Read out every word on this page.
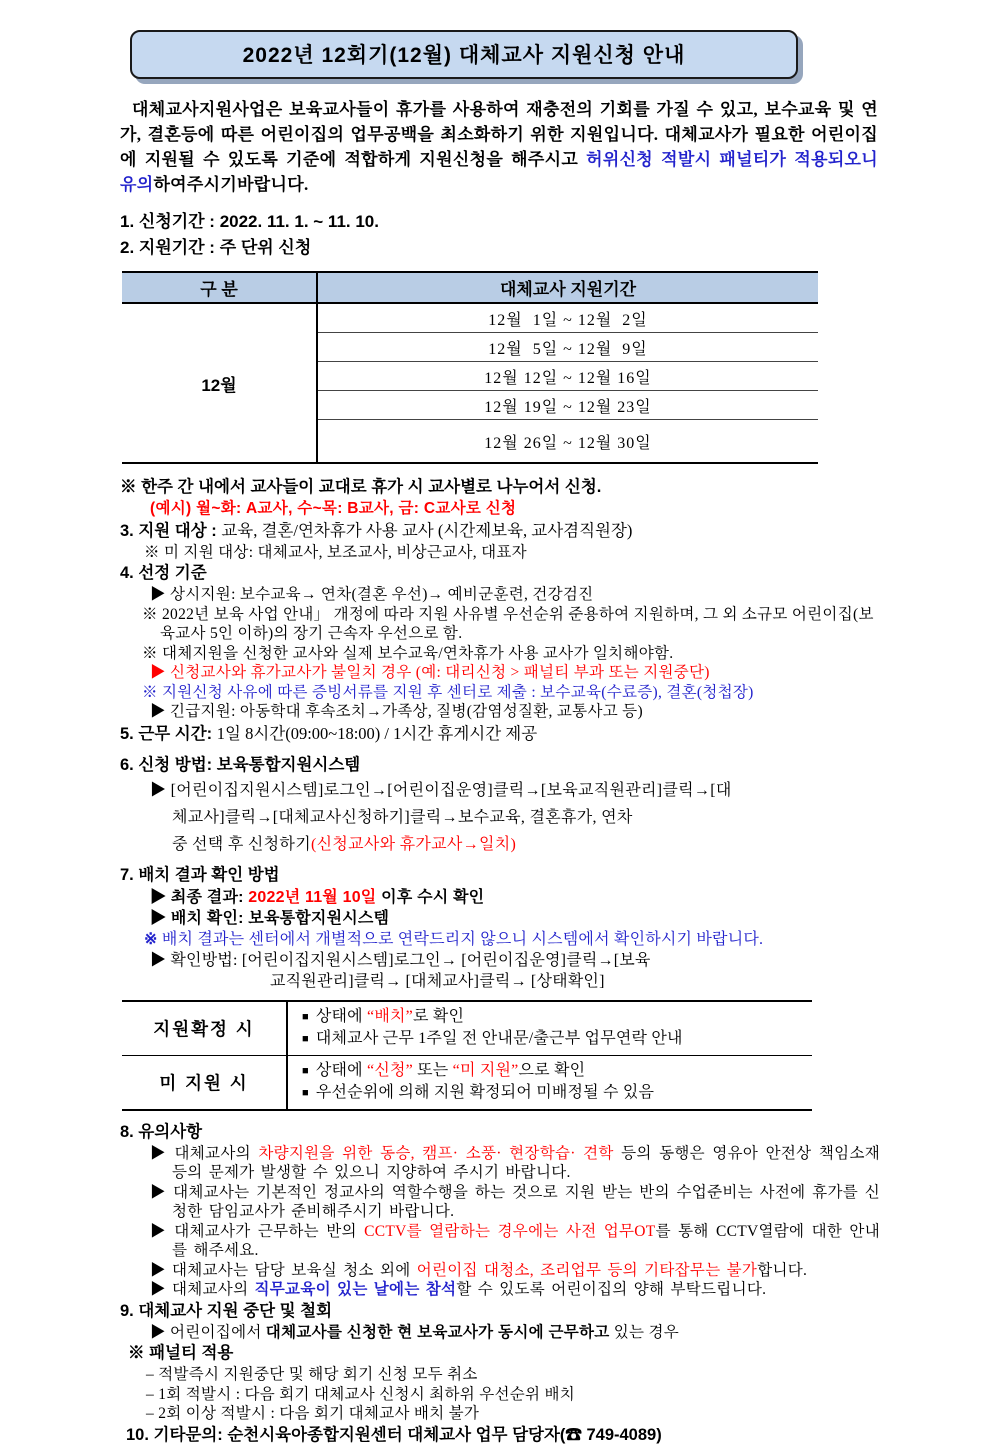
2022년 12회기(12월) 대체교사 지원신청 안내
대체교사지원사업은 보육교사들이 휴가를 사용하여 재충전의 기회를 가질 수 있고, 보수교육 및 연가, 결혼등에 따른 어린이집의 업무공백을 최소화하기 위한 지원입니다. 대체교사가 필요한 어린이집에 지원될 수 있도록 기준에 적합하게 지원신청을 해주시고 허위신청 적발시 패널티가 적용되오니 유의하여주시기바랍니다.
1. 신청기간 : 2022. 11. 1. ~ 11. 10.
2. 지원기간 : 주 단위 신청
구 분	대체교사 지원기간
12월	12월  1일 ~ 12월  2일
	12월  5일 ~ 12월  9일
	12월 12일 ~ 12월 16일
	12월 19일 ~ 12월 23일
	12월 26일 ~ 12월 30일
※ 한주 간 내에서 교사들이 교대로 휴가 시 교사별로 나누어서 신청.
(예시) 월~화: A교사, 수~목: B교사, 금: C교사로 신청
3. 지원 대상 : 교육, 결혼/연차휴가 사용 교사 (시간제보육, 교사겸직원장)
※ 미 지원 대상: 대체교사, 보조교사, 비상근교사, 대표자
4. 선정 기준
▶ 상시지원: 보수교육→ 연차(결혼 우선)→ 예비군훈련, 건강검진
※ 2022년 보육 사업 안내」 개정에 따라 지원 사유별 우선순위 준용하여 지원하며, 그 외 소규모 어린이집(보육교사 5인 이하)의 장기 근속자 우선으로 함.
※ 대체지원을 신청한 교사와 실제 보수교육/연차휴가 사용 교사가 일치해야함.
▶ 신청교사와 휴가교사가 불일치 경우 (예: 대리신청 > 패널티 부과 또는 지원중단)
※ 지원신청 사유에 따른 증빙서류를 지원 후 센터로 제출 : 보수교육(수료증), 결혼(청첩장)
▶ 긴급지원: 아동학대 후속조치→가족상, 질병(감염성질환, 교통사고 등)
5. 근무 시간: 1일 8시간(09:00~18:00) / 1시간 휴게시간 제공
6. 신청 방법: 보육통합지원시스템
▶ [어린이집지원시스템]로그인→[어린이집운영]클릭→[보육교직원관리]클릭→[대
체교사]클릭→[대체교사신청하기]클릭→보수교육, 결혼휴가, 연차
중 선택 후 신청하기(신청교사와 휴가교사→일치)
7. 배치 결과 확인 방법
▶ 최종 결과: 2022년 11월 10일 이후 수시 확인
▶ 배치 확인: 보육통합지원시스템
※ 배치 결과는 센터에서 개별적으로 연락드리지 않으니 시스템에서 확인하시기 바랍니다.
▶ 확인방법: [어린이집지원시스템]로그인→ [어린이집운영]클릭→[보육
교직원관리]클릭→ [대체교사]클릭→ [상태확인]
지원확정 시	■ 상태에 “배치”로 확인
■ 대체교사 근무 1주일 전 안내문/출근부 업무연락 안내

미 지원 시	■ 상태에 “신청” 또는 “미 지원”으로 확인
■ 우선순위에 의해 지원 확정되어 미배정될 수 있음
8. 유의사항
▶ 대체교사의 차량지원을 위한 동승, 캠프· 소풍· 현장학습· 견학 등의 동행은 영유아 안전상 책임소재 등의 문제가 발생할 수 있으니 지양하여 주시기 바랍니다.
▶ 대체교사는 기본적인 정교사의 역할수행을 하는 것으로 지원 받는 반의 수업준비는 사전에 휴가를 신청한 담임교사가 준비해주시기 바랍니다.
▶ 대체교사가 근무하는 반의 CCTV를 열람하는 경우에는 사전 업무OT를 통해 CCTV열람에 대한 안내를 해주세요.
▶ 대체교사는 담당 보육실 청소 외에 어린이집 대청소, 조리업무 등의 기타잡무는 불가합니다.
▶ 대체교사의 직무교육이 있는 날에는 참석할 수 있도록 어린이집의 양해 부탁드립니다.
9. 대체교사 지원 중단 및 철회
▶ 어린이집에서 대체교사를 신청한 현 보육교사가 동시에 근무하고 있는 경우
※ 패널티 적용
– 적발즉시 지원중단 및 해당 회기 신청 모두 취소
– 1회 적발시 : 다음 회기 대체교사 신청시 최하위 우선순위 배치
– 2회 이상 적발시 : 다음 회기 대체교사 배치 불가
10. 기타문의: 순천시육아종합지원센터 대체교사 업무 담당자(☎ 749-4089)
